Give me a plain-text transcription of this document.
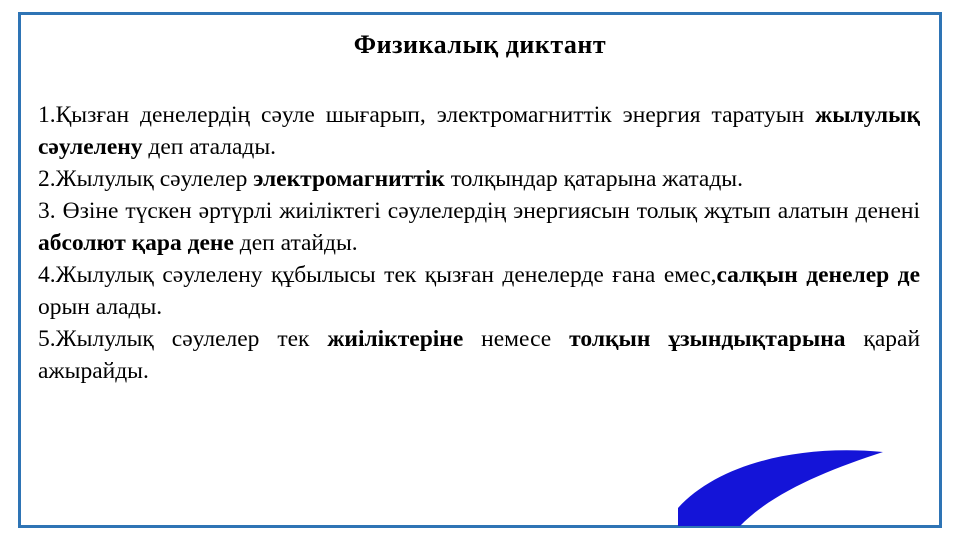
Физикалық диктант
1.Қызған денелердің сәуле шығарып, электромагниттік энергия таратуын жылулық сәулелену деп аталады.
2.Жылулық сәулелер электромагниттік толқындар қатарына жатады.
3. Өзіне түскен әртүрлі жиіліктегі сәулелердің энергиясын толық жұтып алатын денені абсолют қара дене деп атайды.
4.Жылулық сәулелену құбылысы тек қызған денелерде ғана емес,салқын денелер де орын алады.
5.Жылулық сәулелер тек жиіліктеріне немесе толқын ұзындықтарына қарай ажырайды.
